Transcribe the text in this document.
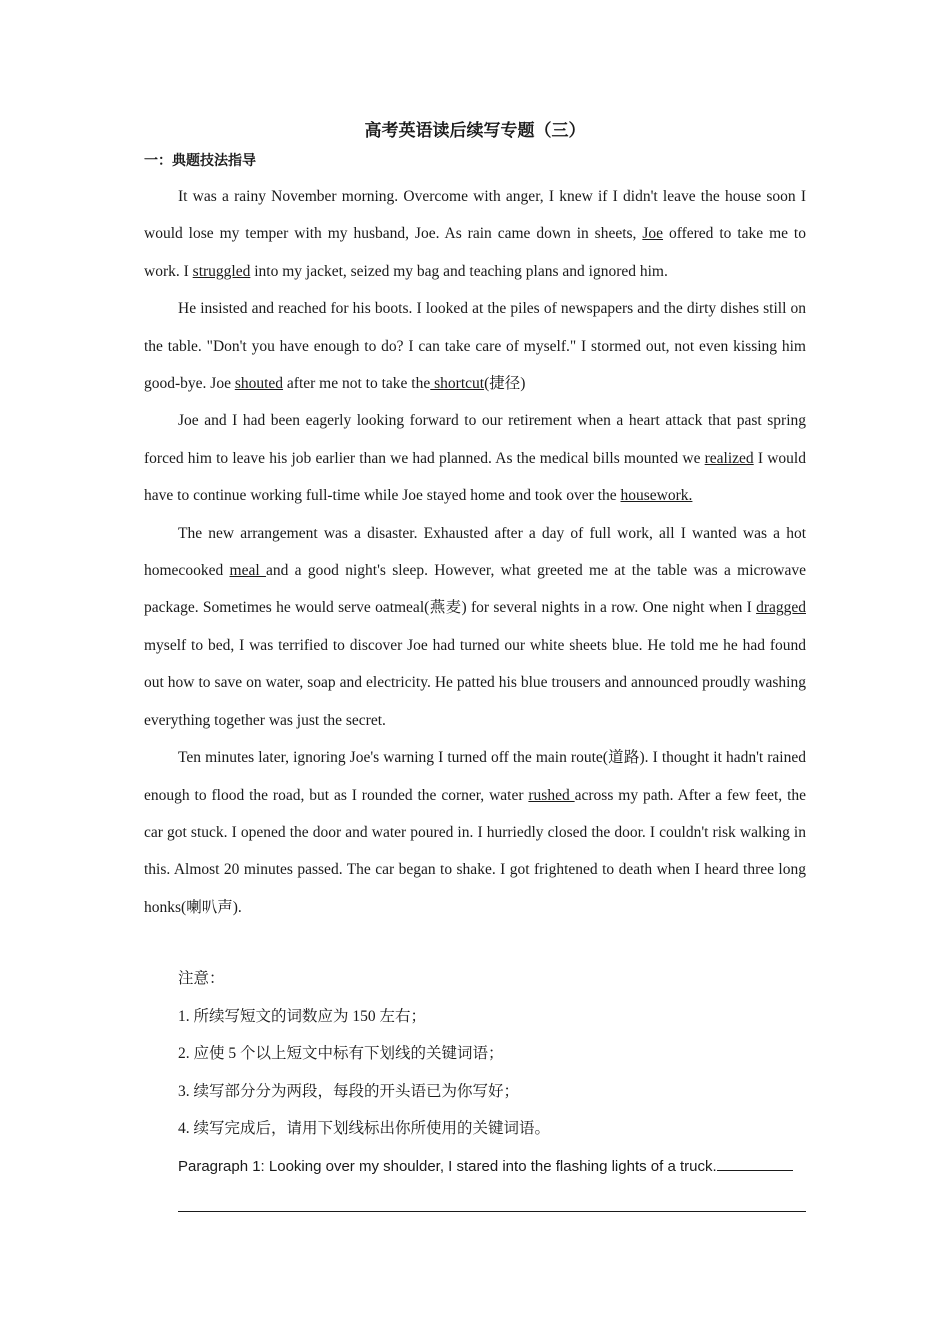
高考英语读后续写专题（三）
一：典题技法指导

It was a rainy November morning. Overcome with anger, I knew if I didn't leave the house soon I would lose my temper with my husband, Joe. As rain came down in sheets, Joe offered to take me to work. I struggled into my jacket, seized my bag and teaching plans and ignored him.

He insisted and reached for his boots. I looked at the piles of newspapers and the dirty dishes still on the table. "Don't you have enough to do? I can take care of myself." I stormed out, not even kissing him good-bye. Joe shouted after me not to take the shortcut(捷径)

Joe and I had been eagerly looking forward to our retirement when a heart attack that past spring forced him to leave his job earlier than we had planned. As the medical bills mounted we realized I would have to continue working full-time while Joe stayed home and took over the housework.

The new arrangement was a disaster. Exhausted after a day of full work, all I wanted was a hot homecooked meal and a good night's sleep. However, what greeted me at the table was a microwave package. Sometimes he would serve oatmeal(燕麦) for several nights in a row. One night when I dragged myself to bed, I was terrified to discover Joe had turned our white sheets blue. He told me he had found out how to save on water, soap and electricity. He patted his blue trousers and announced proudly washing everything together was just the secret.

Ten minutes later, ignoring Joe's warning I turned off the main route(道路). I thought it hadn't rained enough to flood the road, but as I rounded the corner, water rushed across my path. After a few feet, the car got stuck. I opened the door and water poured in. I hurriedly closed the door. I couldn't risk walking in this. Almost 20 minutes passed. The car began to shake. I got frightened to death when I heard three long honks(喇叭声).

注意：
1. 所续写短文的词数应为 150 左右；
2. 应使 5 个以上短文中标有下划线的关键词语；
3. 续写部分分为两段，每段的开头语已为你写好；
4. 续写完成后，请用下划线标出你所使用的关键词语。
Paragraph 1: Looking over my shoulder, I stared into the flashing lights of a truck.
